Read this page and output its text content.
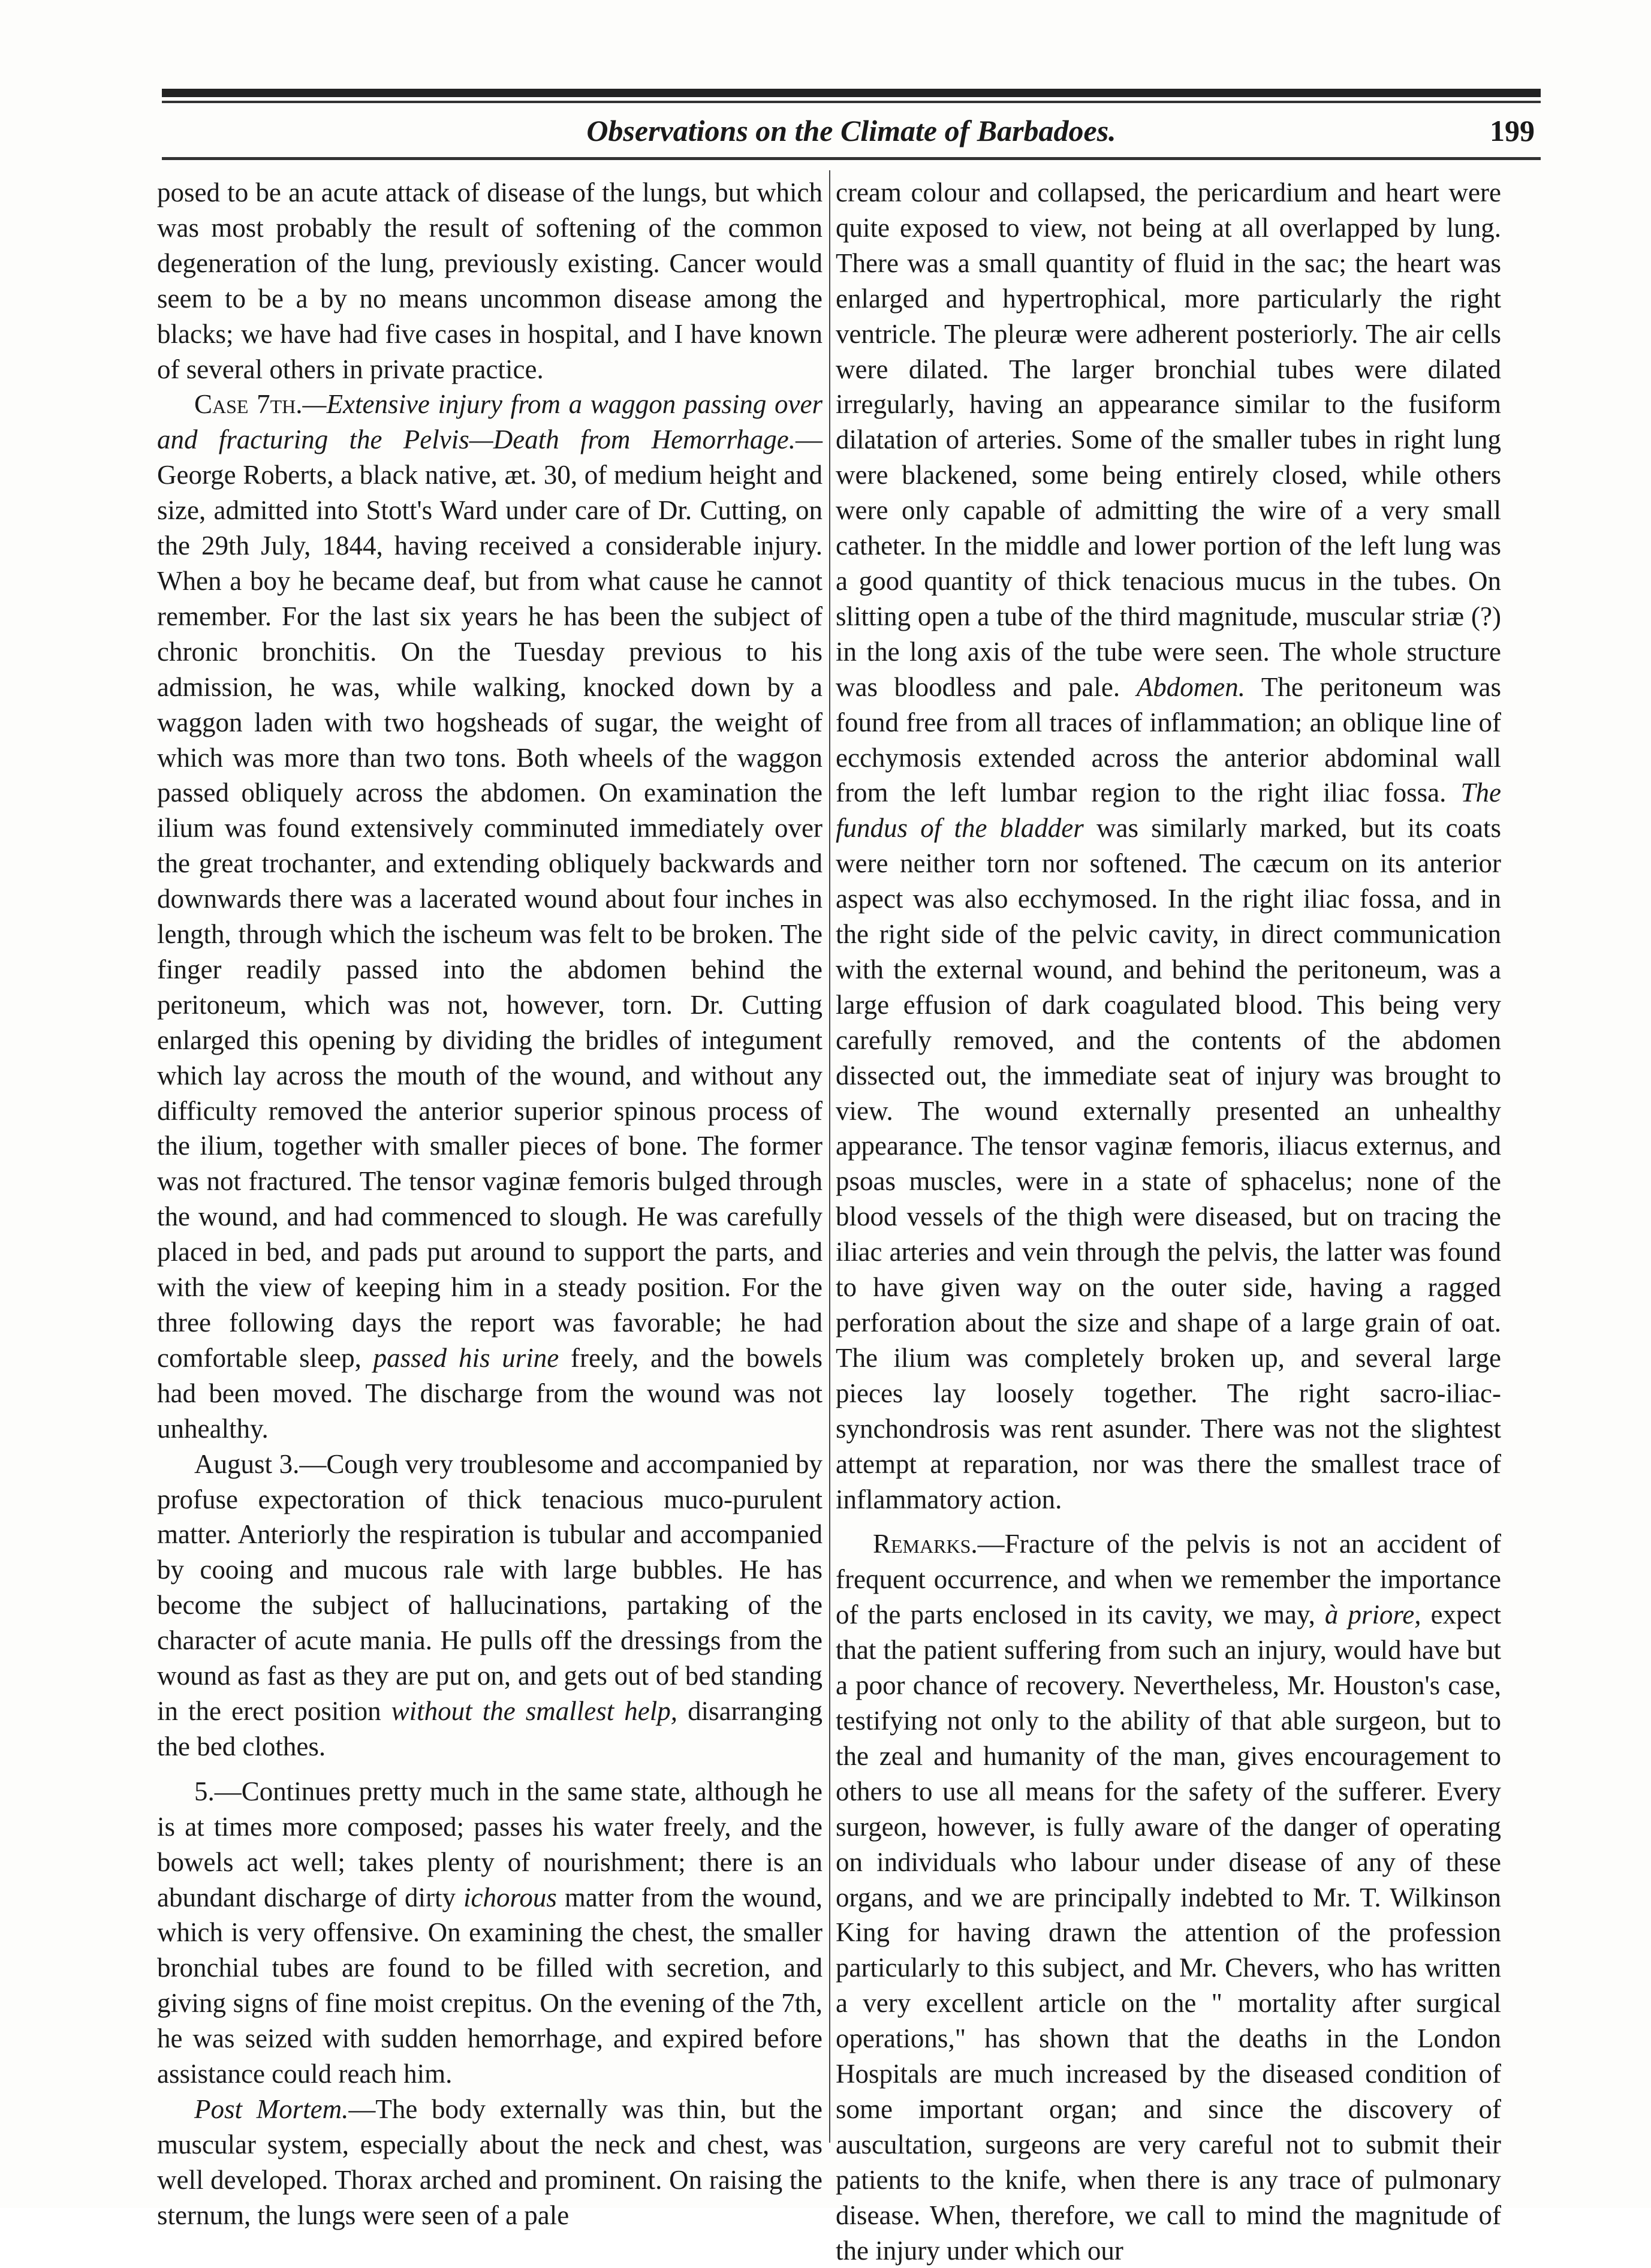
Observations on the Climate of Barbadoes.	199

posed to be an acute attack of disease of the lungs, but which was most probably the result of softening of the common degeneration of the lung, previously existing. Cancer would seem to be a by no means uncommon disease among the blacks; we have had five cases in hospital, and I have known of several others in private practice.

Case 7th.—Extensive injury from a waggon passing over and fracturing the Pelvis—Death from Hemorrhage.—George Roberts, a black native, æt. 30, of medium height and size, admitted into Stott's Ward under care of Dr. Cutting, on the 29th July, 1844, having received a considerable injury. When a boy he became deaf, but from what cause he cannot remember. For the last six years he has been the subject of chronic bronchitis. On the Tuesday previous to his admission, he was, while walking, knocked down by a waggon laden with two hogsheads of sugar, the weight of which was more than two tons. Both wheels of the waggon passed obliquely across the abdomen. On examination the ilium was found extensively comminuted immediately over the great trochanter, and extending obliquely backwards and downwards there was a lacerated wound about four inches in length, through which the ischeum was felt to be broken. The finger readily passed into the abdomen behind the peritoneum, which was not, however, torn. Dr. Cutting enlarged this opening by dividing the bridles of integument which lay across the mouth of the wound, and without any difficulty removed the anterior superior spinous process of the ilium, together with smaller pieces of bone. The former was not fractured. The tensor vaginæ femoris bulged through the wound, and had commenced to slough. He was carefully placed in bed, and pads put around to support the parts, and with the view of keeping him in a steady position. For the three following days the report was favorable; he had comfortable sleep, passed his urine freely, and the bowels had been moved. The discharge from the wound was not unhealthy.

August 3.—Cough very troublesome and accompanied by profuse expectoration of thick tenacious muco-purulent matter. Anteriorly the respiration is tubular and accompanied by cooing and mucous rale with large bubbles. He has become the subject of hallucinations, partaking of the character of acute mania. He pulls off the dressings from the wound as fast as they are put on, and gets out of bed standing in the erect position without the smallest help, disarranging the bed clothes.

5.—Continues pretty much in the same state, although he is at times more composed; passes his water freely, and the bowels act well; takes plenty of nourishment; there is an abundant discharge of dirty ichorous matter from the wound, which is very offensive. On examining the chest, the smaller bronchial tubes are found to be filled with secretion, and giving signs of fine moist crepitus. On the evening of the 7th, he was seized with sudden hemorrhage, and expired before assistance could reach him.

Post Mortem.—The body externally was thin, but the muscular system, especially about the neck and chest, was well developed. Thorax arched and prominent. On raising the sternum, the lungs were seen of a pale

cream colour and collapsed, the pericardium and heart were quite exposed to view, not being at all overlapped by lung. There was a small quantity of fluid in the sac; the heart was enlarged and hypertrophical, more particularly the right ventricle. The pleuræ were adherent posteriorly. The air cells were dilated. The larger bronchial tubes were dilated irregularly, having an appearance similar to the fusiform dilatation of arteries. Some of the smaller tubes in right lung were blackened, some being entirely closed, while others were only capable of admitting the wire of a very small catheter. In the middle and lower portion of the left lung was a good quantity of thick tenacious mucus in the tubes. On slitting open a tube of the third magnitude, muscular striæ (?) in the long axis of the tube were seen. The whole structure was bloodless and pale. Abdomen. The peritoneum was found free from all traces of inflammation; an oblique line of ecchymosis extended across the anterior abdominal wall from the left lumbar region to the right iliac fossa. The fundus of the bladder was similarly marked, but its coats were neither torn nor softened. The cæcum on its anterior aspect was also ecchymosed. In the right iliac fossa, and in the right side of the pelvic cavity, in direct communication with the external wound, and behind the peritoneum, was a large effusion of dark coagulated blood. This being very carefully removed, and the contents of the abdomen dissected out, the immediate seat of injury was brought to view. The wound externally presented an unhealthy appearance. The tensor vaginæ femoris, iliacus externus, and psoas muscles, were in a state of sphacelus; none of the blood vessels of the thigh were diseased, but on tracing the iliac arteries and vein through the pelvis, the latter was found to have given way on the outer side, having a ragged perforation about the size and shape of a large grain of oat. The ilium was completely broken up, and several large pieces lay loosely together. The right sacro-iliac-synchondrosis was rent asunder. There was not the slightest attempt at reparation, nor was there the smallest trace of inflammatory action.

Remarks.—Fracture of the pelvis is not an accident of frequent occurrence, and when we remember the importance of the parts enclosed in its cavity, we may, à priore, expect that the patient suffering from such an injury, would have but a poor chance of recovery. Nevertheless, Mr. Houston's case, testifying not only to the ability of that able surgeon, but to the zeal and humanity of the man, gives encouragement to others to use all means for the safety of the sufferer. Every surgeon, however, is fully aware of the danger of operating on individuals who labour under disease of any of these organs, and we are principally indebted to Mr. T. Wilkinson King for having drawn the attention of the profession particularly to this subject, and Mr. Chevers, who has written a very excellent article on the " mortality after surgical operations," has shown that the deaths in the London Hospitals are much increased by the diseased condition of some important organ; and since the discovery of auscultation, surgeons are very careful not to submit their patients to the knife, when there is any trace of pulmonary disease. When, therefore, we call to mind the magnitude of the injury under which our
